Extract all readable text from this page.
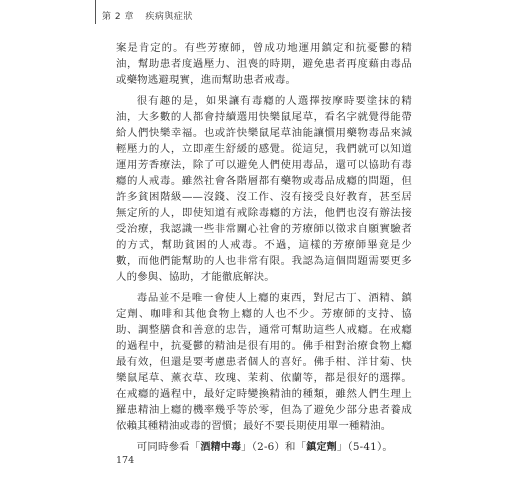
第 2 章 疾病與症狀

案是肯定的。有些芳療師，曾成功地運用鎮定和抗憂鬱的精油，幫助患者度過壓力、沮喪的時期，避免患者再度藉由毒品或藥物逃避現實，進而幫助患者戒毒。

很有趣的是，如果讓有毒癮的人選擇按摩時要塗抹的精油，大多數的人都會持續選用快樂鼠尾草，看名字就覺得能帶給人們快樂幸福。也或許快樂鼠尾草油能讓慣用藥物毒品來減輕壓力的人，立即產生舒緩的感覺。從這兒，我們就可以知道運用芳香療法，除了可以避免人們使用毒品，還可以協助有毒癮的人戒毒。雖然社會各階層都有藥物或毒品成癮的問題，但許多貧困階級——沒錢、沒工作、沒有接受良好教育，甚至居無定所的人，即使知道有戒除毒癮的方法，他們也沒有辦法接受治療，我認識一些非常關心社會的芳療師以徵求自願實驗者的方式，幫助貧困的人戒毒。不過，這樣的芳療師畢竟是少數，而他們能幫助的人也非常有限。我認為這個問題需要更多人的參與、協助，才能徹底解決。

毒品並不是唯一會使人上癮的東西，對尼古丁、酒精、鎮定劑、咖啡和其他食物上癮的人也不少。芳療師的支持、協助、調整膳食和善意的忠告，通常可幫助這些人戒癮。在戒癮的過程中，抗憂鬱的精油是很有用的。佛手柑對治療食物上癮最有效，但還是要考慮患者個人的喜好。佛手柑、洋甘菊、快樂鼠尾草、薰衣草、玫瑰、茉莉、依蘭等，都是很好的選擇。在戒癮的過程中，最好定時變換精油的種類，雖然人們生理上羅患精油上癮的機率幾乎等於零，但為了避免少部分患者養成依賴其種精油或毒的習慣；最好不要長期使用單一種精油。

可同時參看「酒精中毒」（2-6）和「鎮定劑」（5-41）。

174
